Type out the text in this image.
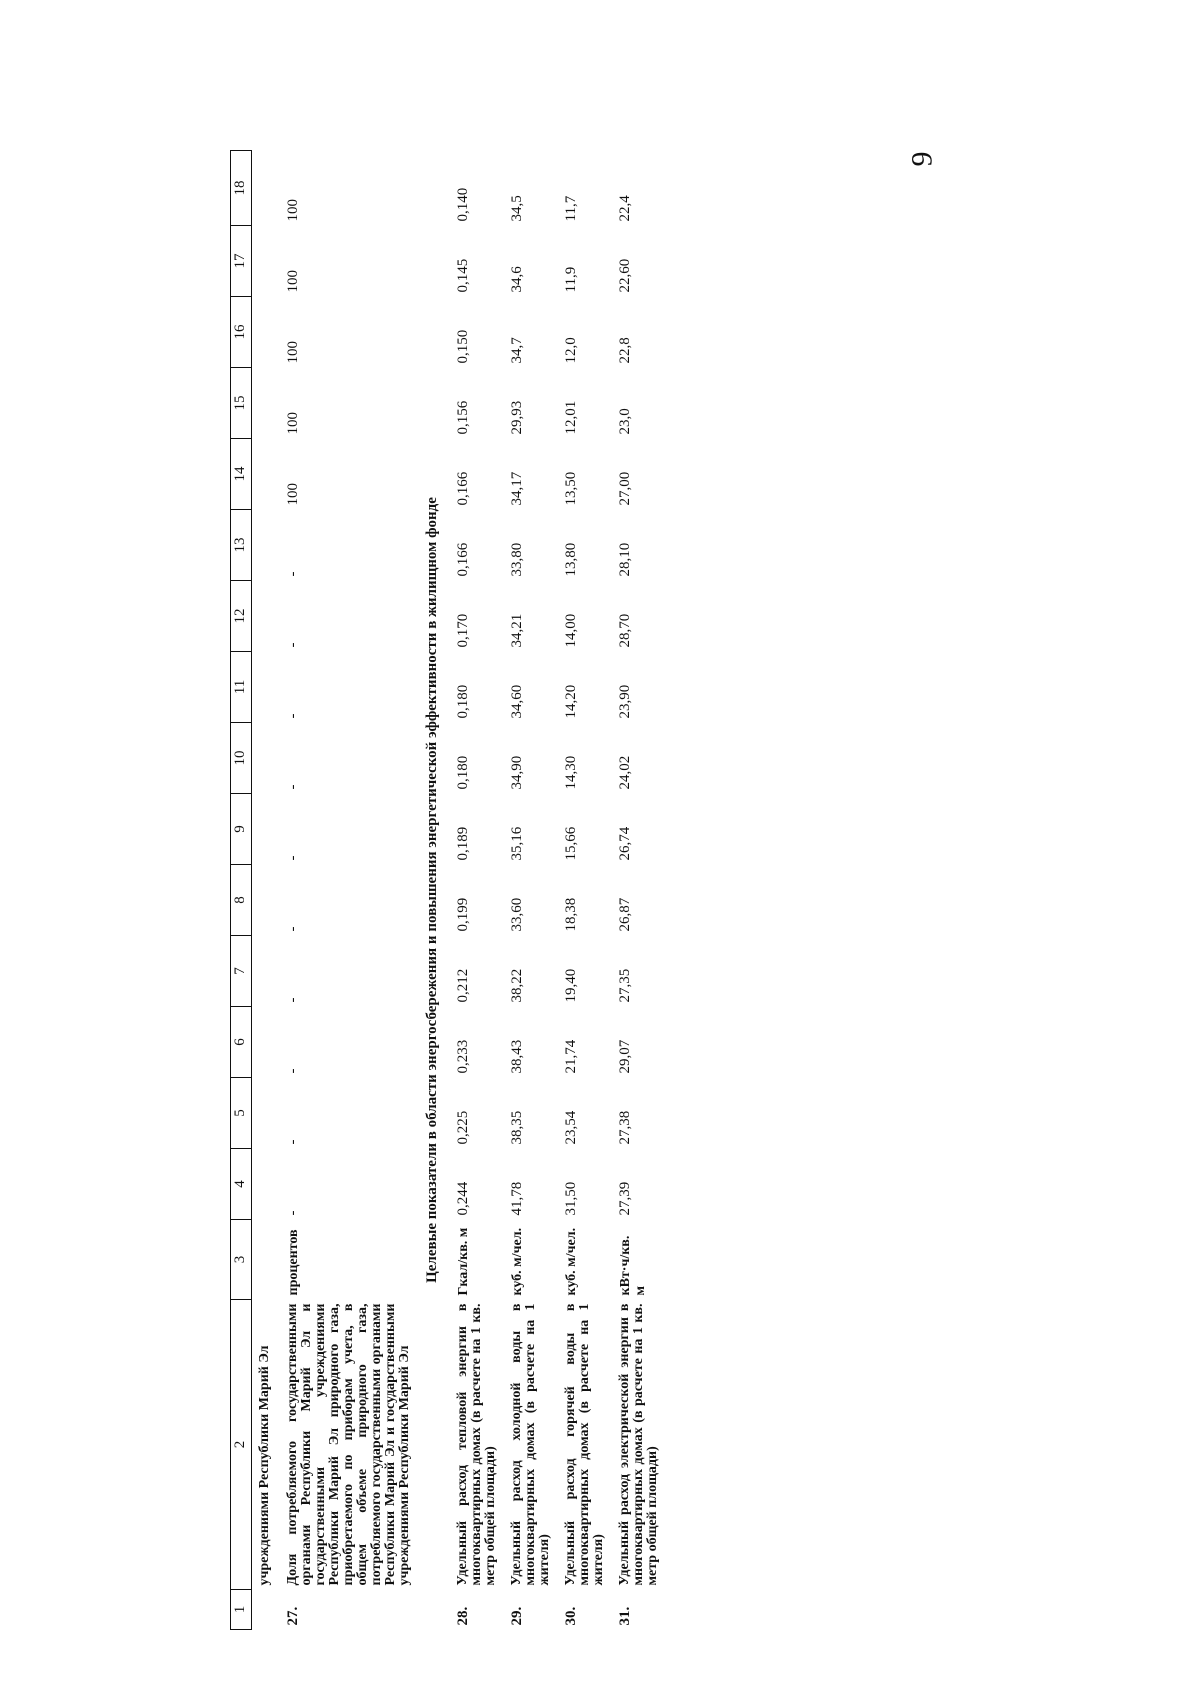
9
1	2	3	4	5	6	7	8	9	10	11	12	13	14	15	16	17	18
	учреждениями Республики Марий Эл																
27.	Доля потребляемого государственными органами Республики Марий Эл и государственными учреждениями Республики Марий Эл природного газа, приобретаемого по приборам учета, в общем объеме природного газа, потребляемого государственными органами Республики Марий Эл и государственными учреждениями Республики Марий Эл	процентов	-	-	-	-	-	-	-	-	-	-	100	100	100	100	100
Целевые показатели в области энергосбережения и повышения энергетической эффективности в жилищном фонде																	
28.	Удельный расход тепловой энергии в многоквартирных домах (в расчете на 1 кв. метр общей площади)	Гкал/кв. м	0,244	0,225	0,233	0,212	0,199	0,189	0,180	0,180	0,170	0,166	0,166	0,156	0,150	0,145	0,140
29.	Удельный расход холодной воды в многоквартирных домах (в расчете на 1 жителя)	куб. м/чел.	41,78	38,35	38,43	38,22	33,60	35,16	34,90	34,60	34,21	33,80	34,17	29,93	34,7	34,6	34,5
30.	Удельный расход горячей воды в многоквартирных домах (в расчете на 1 жителя)	куб. м/чел.	31,50	23,54	21,74	19,40	18,38	15,66	14,30	14,20	14,00	13,80	13,50	12,01	12,0	11,9	11,7
31.	Удельный расход электрической энергии в многоквартирных домах (в расчете на 1 кв. метр общей площади)	кВт·ч/кв. м	27,39	27,38	29,07	27,35	26,87	26,74	24,02	23,90	28,70	28,10	27,00	23,0	22,8	22,60	22,4
